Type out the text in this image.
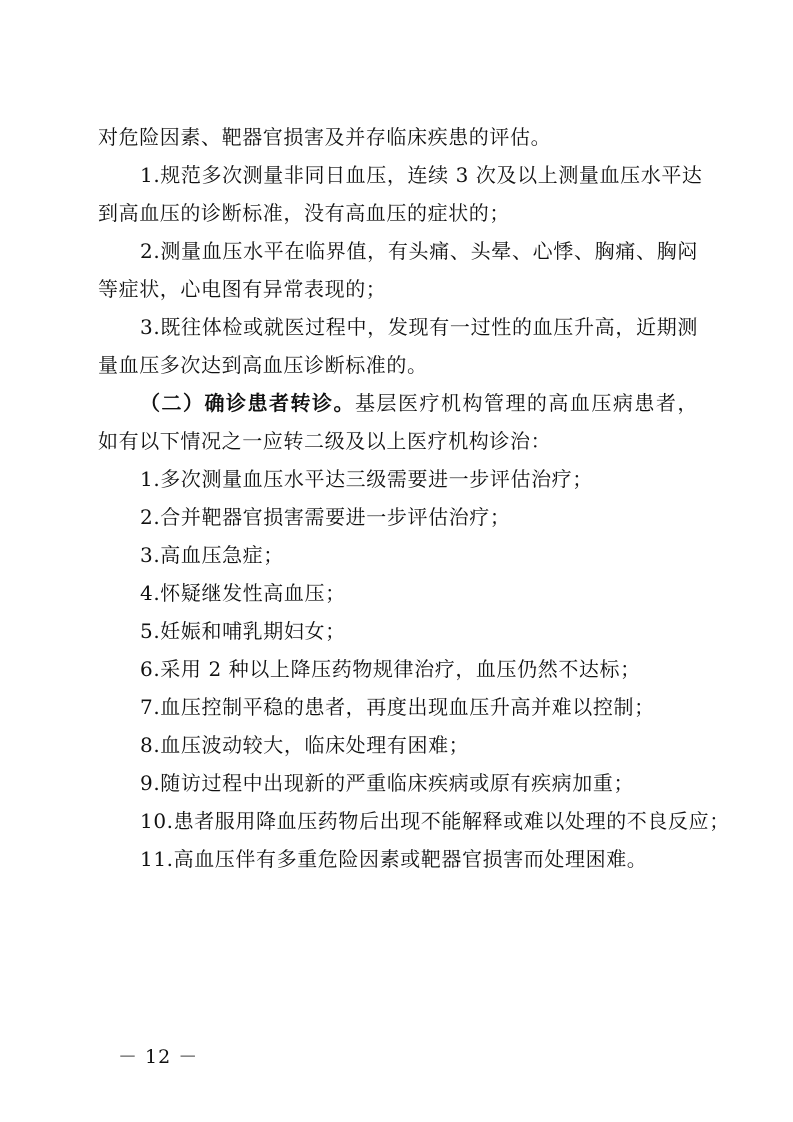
对危险因素、靶器官损害及并存临床疾患的评估。
1.规范多次测量非同日血压，连续 3 次及以上测量血压水平达
到高血压的诊断标准，没有高血压的症状的；
2.测量血压水平在临界值，有头痛、头晕、心悸、胸痛、胸闷
等症状，心电图有异常表现的；
3.既往体检或就医过程中，发现有一过性的血压升高，近期测
量血压多次达到高血压诊断标准的。
（二）确诊患者转诊。基层医疗机构管理的高血压病患者，
如有以下情况之一应转二级及以上医疗机构诊治：
1.多次测量血压水平达三级需要进一步评估治疗；
2.合并靶器官损害需要进一步评估治疗；
3.高血压急症；
4.怀疑继发性高血压；
5.妊娠和哺乳期妇女；
6.采用 2 种以上降压药物规律治疗，血压仍然不达标；
7.血压控制平稳的患者，再度出现血压升高并难以控制；
8.血压波动较大，临床处理有困难；
9.随访过程中出现新的严重临床疾病或原有疾病加重；
10.患者服用降血压药物后出现不能解释或难以处理的不良反应；
11.高血压伴有多重危险因素或靶器官损害而处理困难。
－ 12 －
